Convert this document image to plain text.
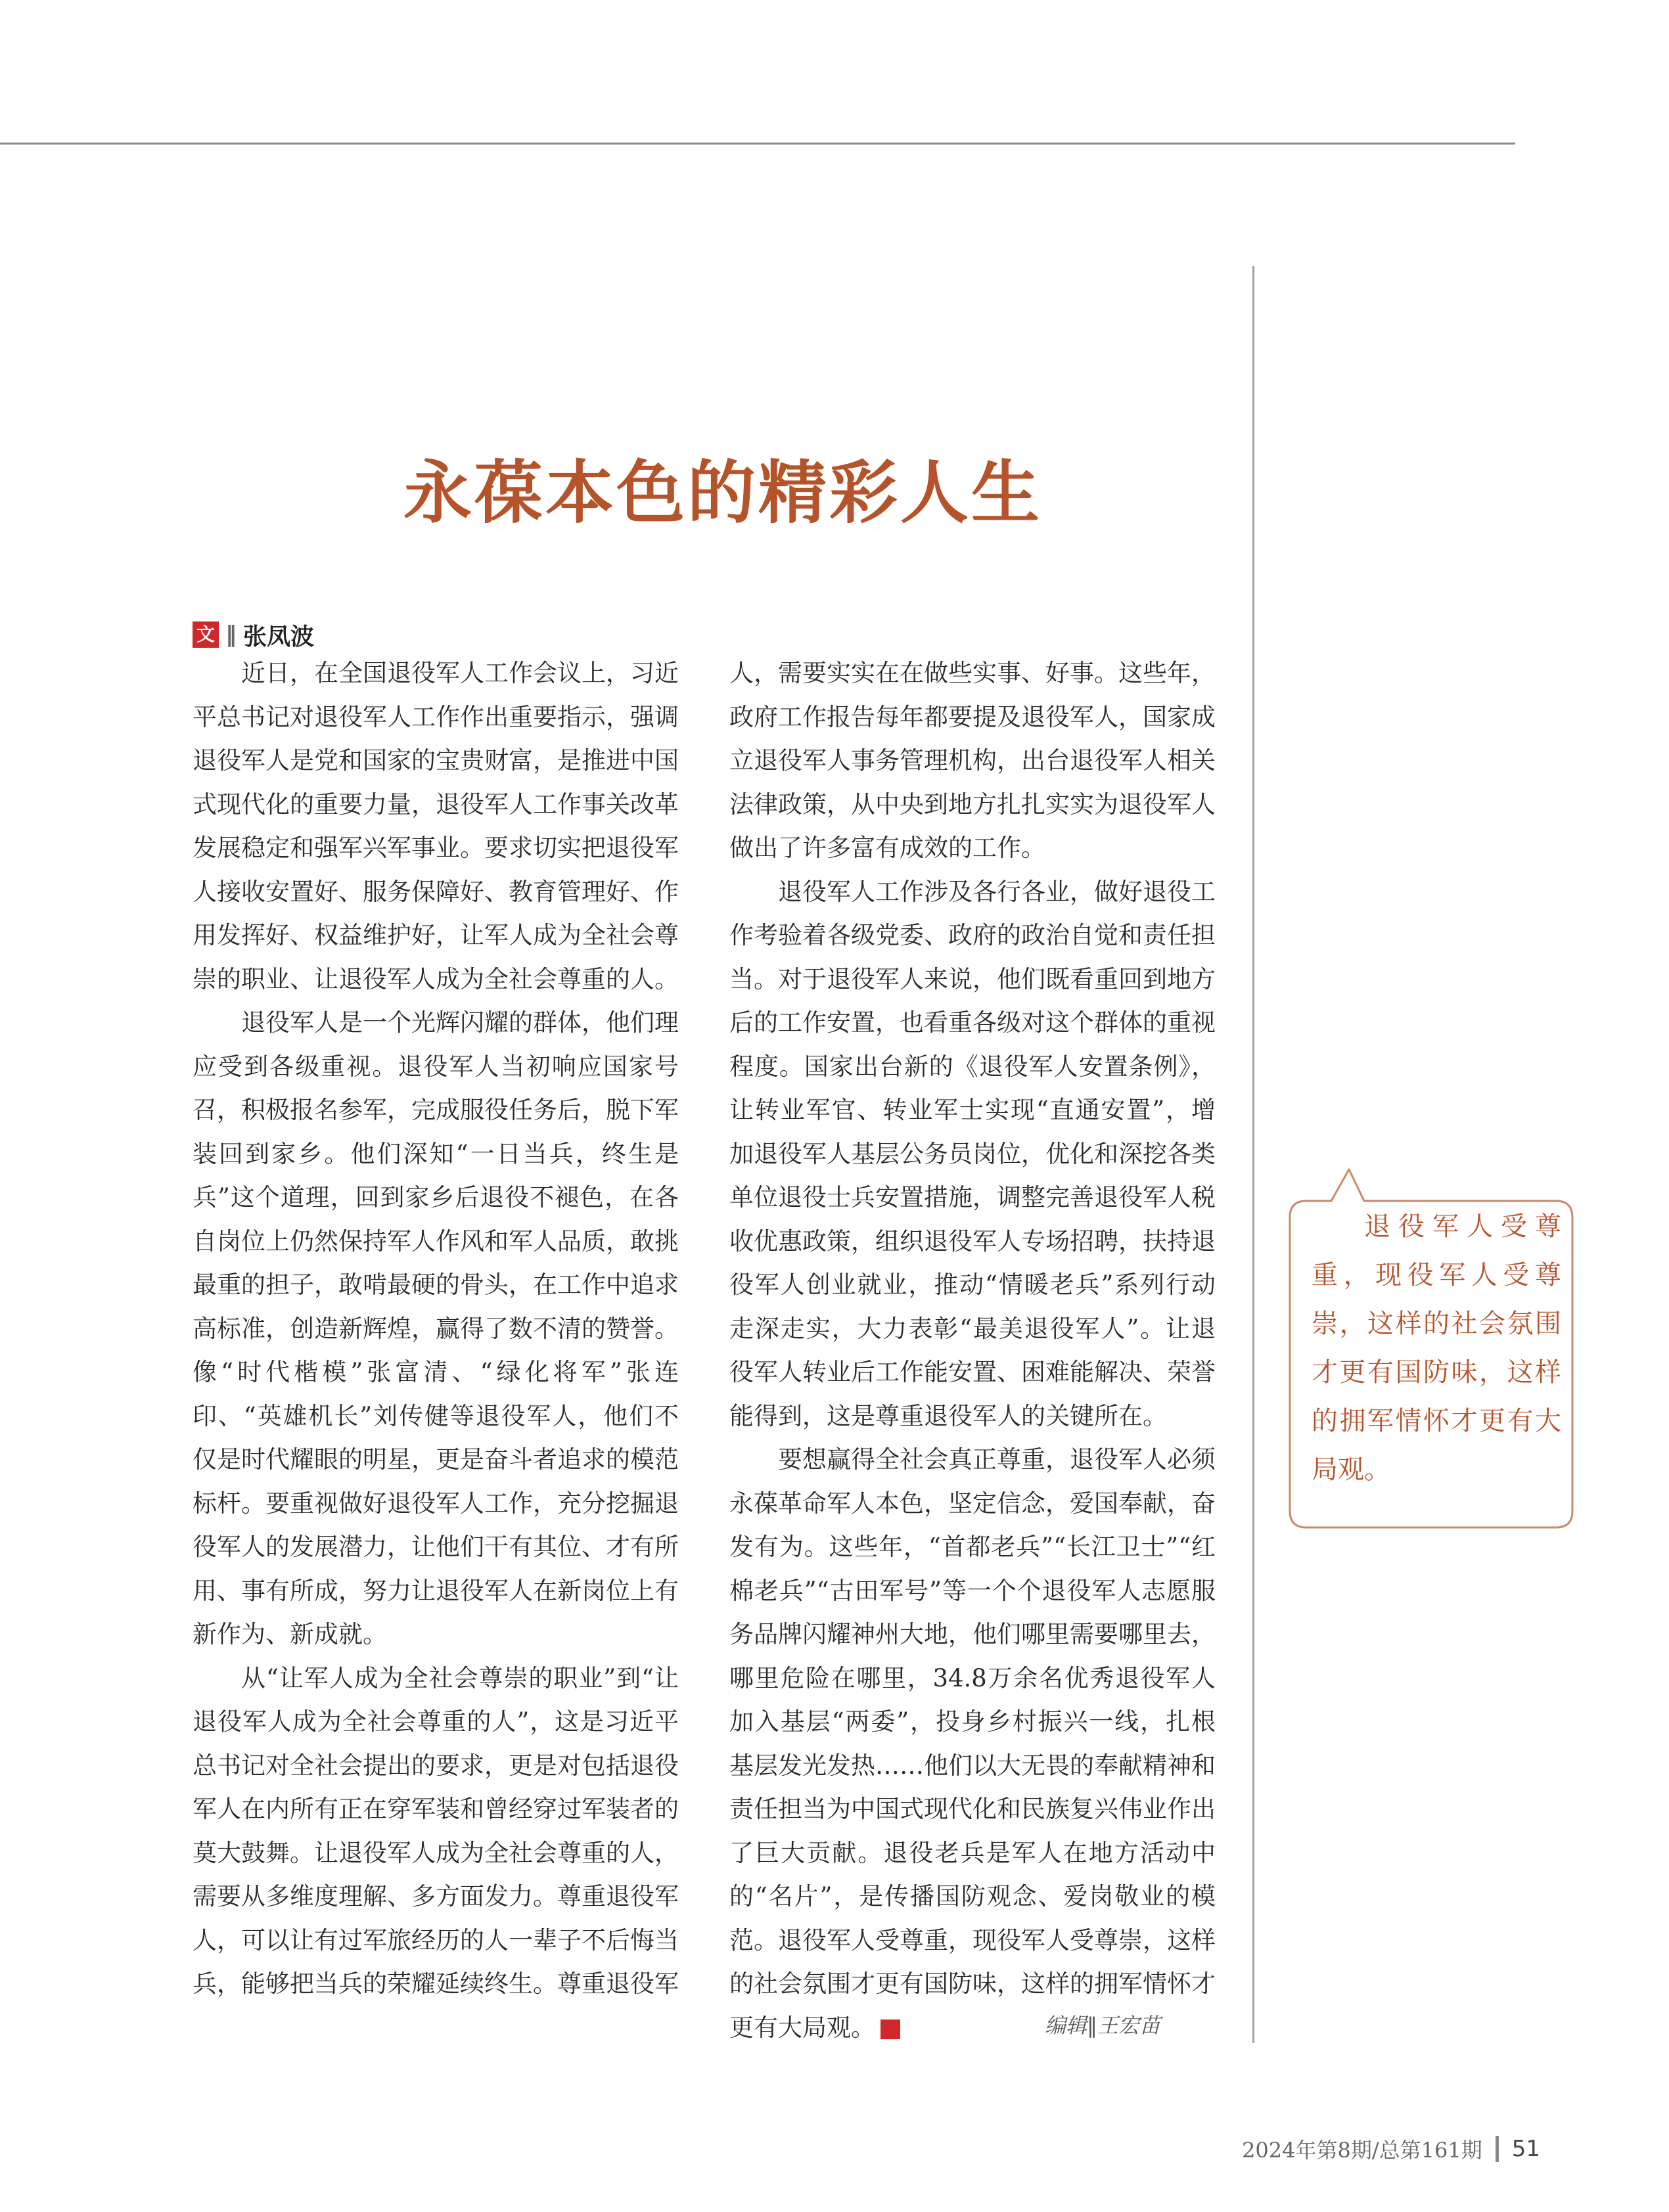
永葆本色的精彩人生
文 ‖ 张凤波

近日，在全国退役军人工作会议上，习近平总书记对退役军人工作作出重要指示，强调退役军人是党和国家的宝贵财富，是推进中国式现代化的重要力量，退役军人工作事关改革发展稳定和强军兴军事业。要求切实把退役军人接收安置好、服务保障好、教育管理好、作用发挥好、权益维护好，让军人成为全社会尊崇的职业、让退役军人成为全社会尊重的人。

退役军人是一个光辉闪耀的群体，他们理应受到各级重视。退役军人当初响应国家号召，积极报名参军，完成服役任务后，脱下军装回到家乡。他们深知“一日当兵，终生是兵”这个道理，回到家乡后退役不褪色，在各自岗位上仍然保持军人作风和军人品质，敢挑最重的担子，敢啃最硬的骨头，在工作中追求高标准，创造新辉煌，赢得了数不清的赞誉。像“时代楷模”张富清、“绿化将军”张连印、“英雄机长”刘传健等退役军人，他们不仅是时代耀眼的明星，更是奋斗者追求的模范标杆。要重视做好退役军人工作，充分挖掘退役军人的发展潜力，让他们干有其位、才有所用、事有所成，努力让退役军人在新岗位上有新作为、新成就。

从“让军人成为全社会尊崇的职业”到“让退役军人成为全社会尊重的人”，这是习近平总书记对全社会提出的要求，更是对包括退役军人在内所有正在穿军装和曾经穿过军装者的莫大鼓舞。让退役军人成为全社会尊重的人，需要从多维度理解、多方面发力。尊重退役军人，可以让有过军旅经历的人一辈子不后悔当兵，能够把当兵的荣耀延续终生。尊重退役军

人，需要实实在在做些实事、好事。这些年，政府工作报告每年都要提及退役军人，国家成立退役军人事务管理机构，出台退役军人相关法律政策，从中央到地方扎扎实实为退役军人做出了许多富有成效的工作。

退役军人工作涉及各行各业，做好退役工作考验着各级党委、政府的政治自觉和责任担当。对于退役军人来说，他们既看重回到地方后的工作安置，也看重各级对这个群体的重视程度。国家出台新的《退役军人安置条例》，让转业军官、转业军士实现“直通安置”，增加退役军人基层公务员岗位，优化和深挖各类单位退役士兵安置措施，调整完善退役军人税收优惠政策，组织退役军人专场招聘，扶持退役军人创业就业，推动“情暖老兵”系列行动走深走实，大力表彰“最美退役军人”。让退役军人转业后工作能安置、困难能解决、荣誉能得到，这是尊重退役军人的关键所在。

要想赢得全社会真正尊重，退役军人必须永葆革命军人本色，坚定信念，爱国奉献，奋发有为。这些年，“首都老兵”“长江卫士”“红棉老兵”“古田军号”等一个个退役军人志愿服务品牌闪耀神州大地，他们哪里需要哪里去，哪里危险在哪里，34.8万余名优秀退役军人加入基层“两委”，投身乡村振兴一线，扎根基层发光发热……他们以大无畏的奉献精神和责任担当为中国式现代化和民族复兴伟业作出了巨大贡献。退役老兵是军人在地方活动中的“名片”，是传播国防观念、爱岗敬业的模范。退役军人受尊重，现役军人受尊崇，这样的社会氛围才更有国防味，这样的拥军情怀才更有大局观。	G	编辑‖王宏苗
退役军人受尊重，现役军人受尊崇，这样的社会氛围才更有国防味，这样的拥军情怀才更有大局观。
2024年第8期/总第161期 51
